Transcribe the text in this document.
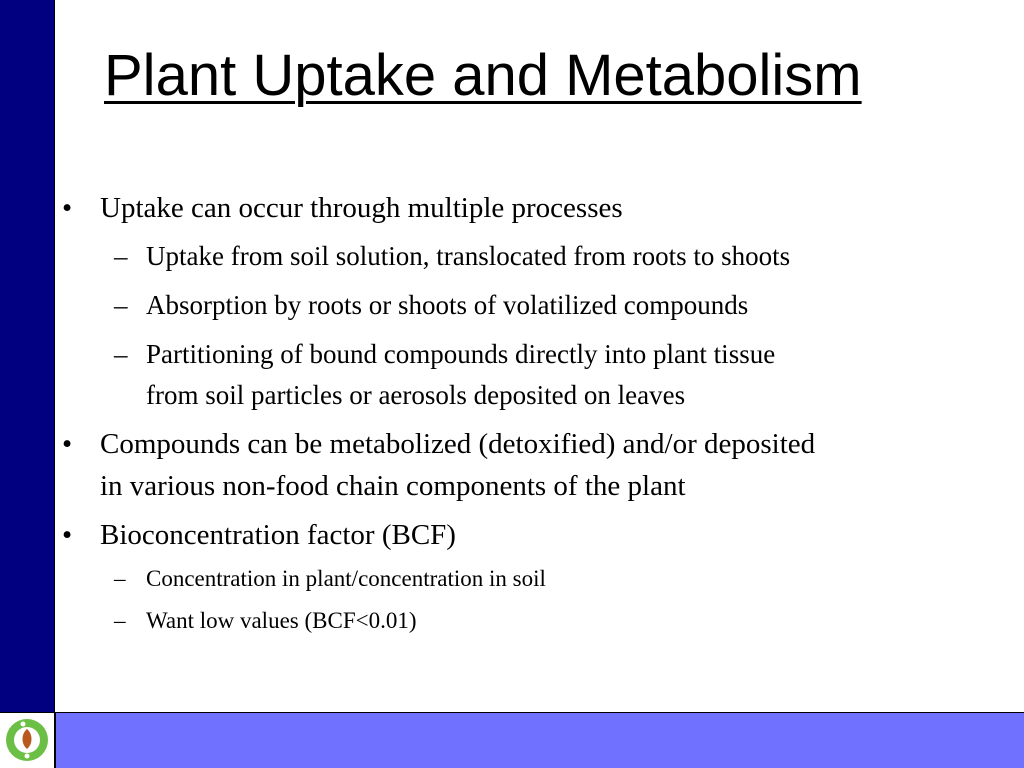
Plant Uptake and Metabolism
• Uptake can occur through multiple processes
– Uptake from soil solution, translocated from roots to shoots
– Absorption by roots or shoots of volatilized compounds
– Partitioning of bound compounds directly into plant tissue
from soil particles or aerosols deposited on leaves
• Compounds can be metabolized (detoxified) and/or deposited
in various non-food chain components of the plant
• Bioconcentration factor (BCF)
– Concentration in plant/concentration in soil
– Want low values (BCF<0.01)
